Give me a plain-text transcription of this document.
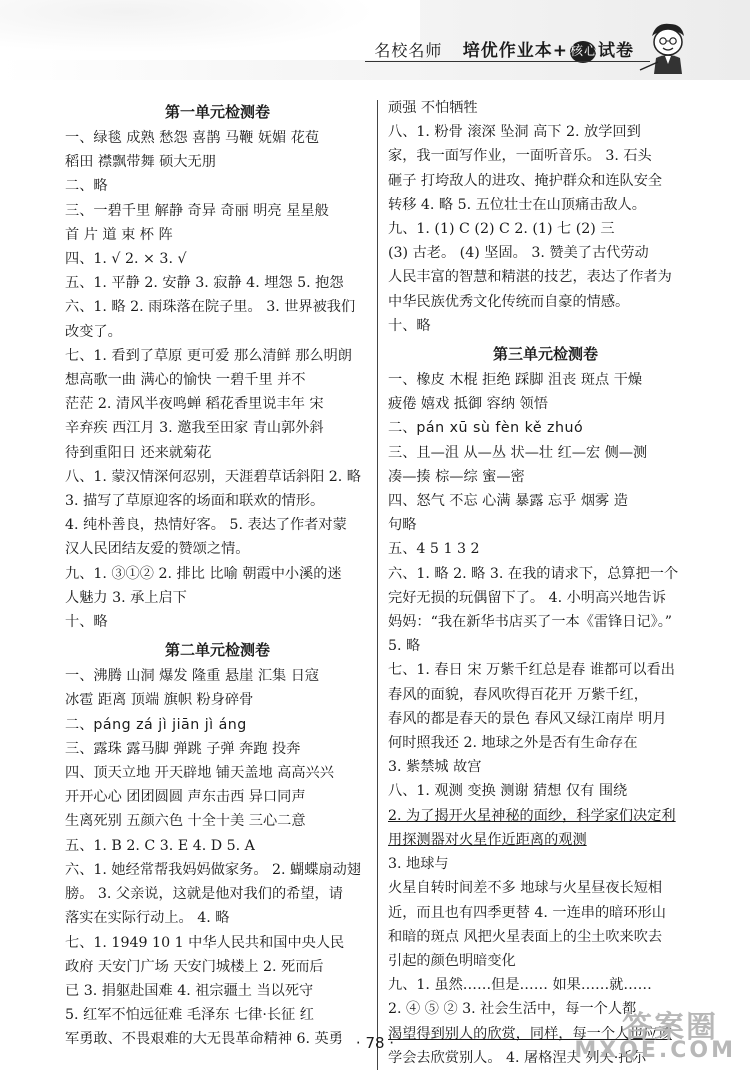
名校名师 培优作业本+ 核心试卷
第一单元检测卷
一、 绿毯 成熟 愁怨 喜鹊 马鞭 妩媚 花苞
稻田 襟飘带舞 硕大无朋
二、 略
三、 一碧千里 解静 奇异 奇丽 明亮 星星般
首 片 道 束 杯 阵
四、 1. √ 2. × 3. √
五、 1. 平静 2. 安静 3. 寂静 4. 埋怨 5. 抱怨
六、 1. 略 2. 雨珠落在院子里。 3. 世界被我们
改变了。
七、 1. 看到了草原 更可爱 那么清鲜 那么明朗
想高歌一曲 满心的愉快 一碧千里 并不
茫茫 2. 清风半夜鸣蝉 稻花香里说丰年 宋
辛弃疾 西江月 3. 邀我至田家 青山郭外斜
待到重阳日 还来就菊花
八、 1. 蒙汉情深何忍别，天涯碧草话斜阳 2. 略
3. 描写了草原迎客的场面和联欢的情形。
4. 纯朴善良，热情好客。 5. 表达了作者对蒙
汉人民团结友爱的赞颂之情。
九、 1. ③①② 2. 排比 比喻 朝霞中小溪的迷
人魅力 3. 承上启下
十、 略
第二单元检测卷
一、 沸腾 山洞 爆发 隆重 悬崖 汇集 日寇
冰雹 距离 顶端 旗帜 粉身碎骨
二、 páng zá jì jiān jì áng
三、 露珠 露马脚 弹跳 子弹 奔跑 投奔
四、 顶天立地 开天辟地 铺天盖地 高高兴兴
开开心心 团团圆圆 声东击西 异口同声
生离死别 五颜六色 十全十美 三心二意
五、 1. B 2. C 3. E 4. D 5. A
六、 1. 她经常帮我妈妈做家务。 2. 蝴蝶扇动翅
膀。 3. 父亲说，这就是他对我们的希望，请
落实在实际行动上。 4. 略
七、 1. 1949 10 1 中华人民共和国中央人民
政府 天安门广场 天安门城楼上 2. 死而后
已 3. 捐躯赴国难 4. 祖宗疆土 当以死守
5. 红军不怕远征难 毛泽东 七律·长征 红
军勇敢、不畏艰难的大无畏革命精神 6. 英勇
顽强 不怕牺牲
八、 1. 粉骨 滚深 坠洞 高下 2. 放学回到
家，我一面写作业，一面听音乐。 3. 石头
砸子 打垮敌人的进攻、掩护群众和连队安全
转移 4. 略 5. 五位壮士在山顶痛击敌人。
九、 1. (1) C (2) C 2. (1) 七 (2) 三
(3) 古老。 (4) 坚固。 3. 赞美了古代劳动
人民丰富的智慧和精湛的技艺，表达了作者为
中华民族优秀文化传统而自豪的情感。
十、 略
第三单元检测卷
一、 橡皮 木棍 拒绝 踩脚 沮丧 斑点 干燥
疲倦 嬉戏 抵御 容纳 领悟
二、 pán xū sù fèn kě zhuó
三、 且—沮 从—丛 状—壮 红—宏 侧—测
凑—揍 棕—综 蜜—密
四、 怒气 不忘 心满 暴露 忘乎 烟雾 造
句略
五、 4 5 1 3 2
六、 1. 略 2. 略 3. 在我的请求下，总算把一个
完好无损的玩偶留下了。 4. 小明高兴地告诉
妈妈：“我在新华书店买了一本《雷锋日记》。”
5. 略
七、 1. 春日 宋 万紫千红总是春 谁都可以看出
春风的面貌，春风吹得百花开 万紫千红，
春风的都是春天的景色 春风又绿江南岸 明月
何时照我还 2. 地球之外是否有生命存在
3. 紫禁城 故宫
八、 1. 观测 变换 测谢 猜想 仅有 围绕
2. 为了揭开火星神秘的面纱，科学家们决定利
用探测器对火星作近距离的观测
3. 地球与
火星自转时间差不多 地球与火星昼夜长短相
近，而且也有四季更替 4. 一连串的暗环形山
和暗的斑点 风把火星表面上的尘土吹来吹去
引起的颜色明暗变化
九、 1. 虽然……但是…… 如果……就……
2. ④ ⑤ ② 3. 社会生活中，每一个人都
渴望得到别人的欣赏，同样，每一个人也应该
学会去欣赏别人。 4. 屠格涅夫 列夫·托尔
· 78 ·	答案圈
MXQE.COM
